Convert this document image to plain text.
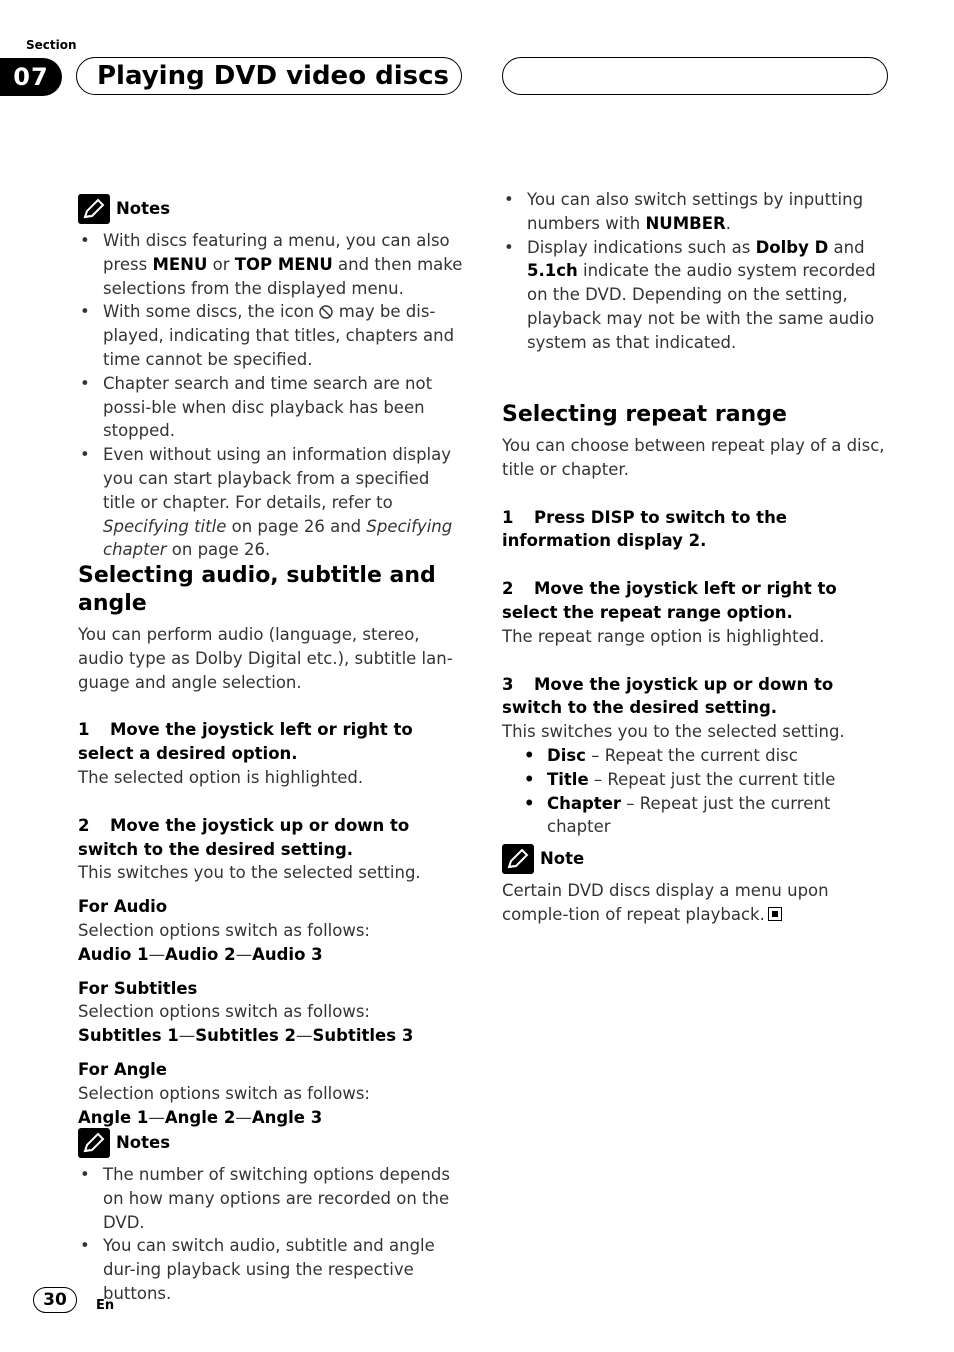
Section
07	Playing DVD video discs
Notes
• With discs featuring a menu, you can also press MENU or TOP MENU and then make selections from the displayed menu.
• With some discs, the icon  may be dis-played, indicating that titles, chapters and time cannot be specified.
• Chapter search and time search are not possi-ble when disc playback has been stopped.
• Even without using an information display you can start playback from a specified title or chapter. For details, refer to Specifying title on page 26 and Specifying chapter on page 26.
Selecting audio, subtitle and angle

You can perform audio (language, stereo, audio type as Dolby Digital etc.), subtitle lan-guage and angle selection.

1 Move the joystick left or right to select a desired option.

The selected option is highlighted.

2 Move the joystick up or down to switch to the desired setting.

This switches you to the selected setting.

For Audio

Selection options switch as follows:

Audio 1—Audio 2—Audio 3

For Subtitles

Selection options switch as follows:

Subtitles 1—Subtitles 2—Subtitles 3

For Angle

Selection options switch as follows:

Angle 1—Angle 2—Angle 3

Notes
• The number of switching options depends on how many options are recorded on the DVD.
• You can switch audio, subtitle and angle dur-ing playback using the respective buttons.
• You can also switch settings by inputting numbers with NUMBER.
• Display indications such as Dolby D and 5.1ch indicate the audio system recorded on the DVD. Depending on the setting, playback may not be with the same audio system as that indicated.
Selecting repeat range

You can choose between repeat play of a disc, title or chapter.

1 Press DISP to switch to the information display 2.

2 Move the joystick left or right to select the repeat range option.

The repeat range option is highlighted.

3 Move the joystick up or down to switch to the desired setting.

This switches you to the selected setting.

• Disc – Repeat the current disc
• Title – Repeat just the current title
• Chapter – Repeat just the current chapter
Note

Certain DVD discs display a menu upon comple-tion of repeat playback.

30	En
